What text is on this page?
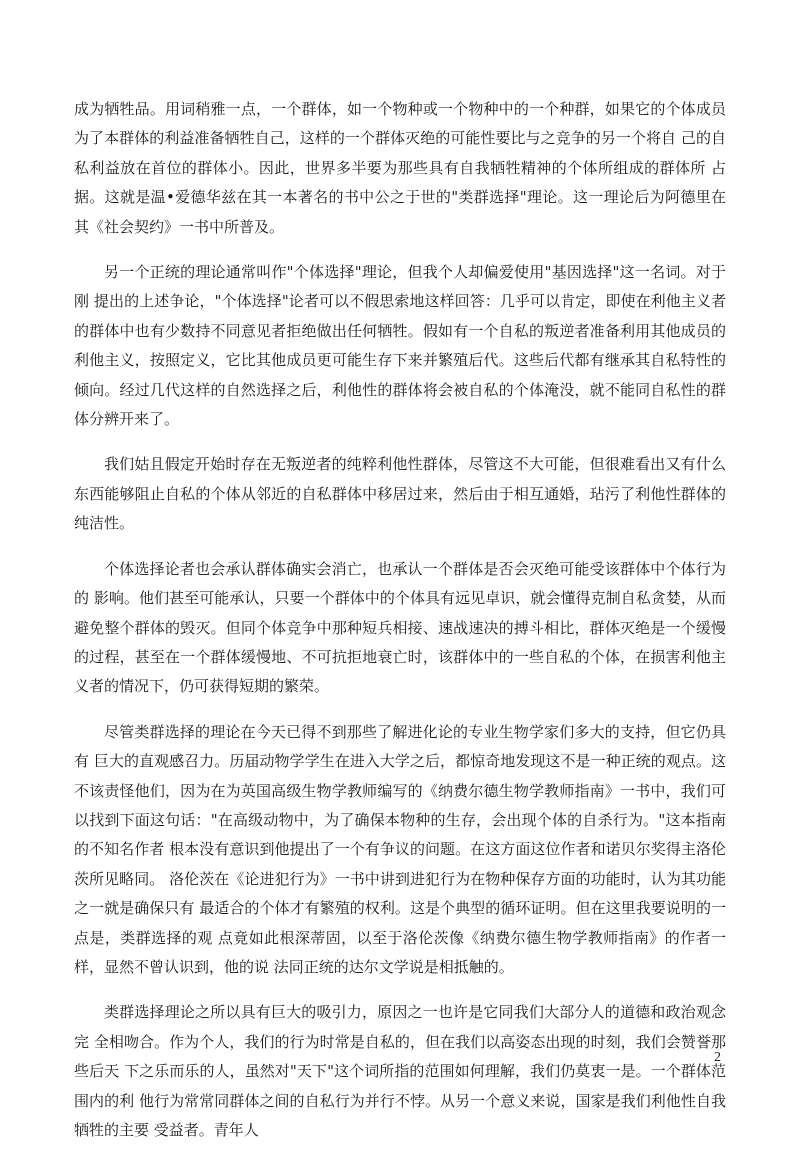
成为牺牲品。用词稍雅一点，一个群体，如一个物种或一个物种中的一个种群，如果它的个体成员为了本群体的利益准备牺牲自己，这样的一个群体灭绝的可能性要比与之竞争的另一个将自 己的自私利益放在首位的群体小。因此，世界多半要为那些具有自我牺牲精神的个体所组成的群体所 占据。这就是温•爱德华兹在其一本著名的书中公之于世的"类群选择"理论。这一理论后为阿德里在其《社会契约》一书中所普及。

另一个正统的理论通常叫作"个体选择"理论，但我个人却偏爱使用"基因选择"这一名词。对于刚 提出的上述争论，"个体选择"论者可以不假思索地这样回答：几乎可以肯定，即使在利他主义者的群体中也有少数持不同意见者拒绝做出任何牺牲。假如有一个自私的叛逆者准备利用其他成员的利他主义，按照定义，它比其他成员更可能生存下来并繁殖后代。这些后代都有继承其自私特性的倾向。经过几代这样的自然选择之后，利他性的群体将会被自私的个体淹没，就不能同自私性的群体分辨开来了。

我们姑且假定开始时存在无叛逆者的纯粹利他性群体，尽管这不大可能，但很难看出又有什么东西能够阻止自私的个体从邻近的自私群体中移居过来，然后由于相互通婚，玷污了利他性群体的纯洁性。

个体选择论者也会承认群体确实会消亡，也承认一个群体是否会灭绝可能受该群体中个体行为的 影响。他们甚至可能承认，只要一个群体中的个体具有远见卓识，就会懂得克制自私贪婪，从而避免整个群体的毁灭。但同个体竞争中那种短兵相接、速战速决的搏斗相比，群体灭绝是一个缓慢的过程，甚至在一个群体缓慢地、不可抗拒地衰亡时，该群体中的一些自私的个体，在损害利他主义者的情况下，仍可获得短期的繁荣。

尽管类群选择的理论在今天已得不到那些了解进化论的专业生物学家们多大的支持，但它仍具有 巨大的直观感召力。历届动物学学生在进入大学之后，都惊奇地发现这不是一种正统的观点。这不该责怪他们，因为在为英国高级生物学教师编写的《纳费尔德生物学教师指南》一书中，我们可以找到下面这句话："在高级动物中，为了确保本物种的生存，会出现个体的自杀行为。"这本指南的不知名作者 根本没有意识到他提出了一个有争议的问题。在这方面这位作者和诺贝尔奖得主洛伦茨所见略同。 洛伦茨在《论进犯行为》一书中讲到进犯行为在物种保存方面的功能时，认为其功能之一就是确保只有 最适合的个体才有繁殖的权利。这是个典型的循环证明。但在这里我要说明的一点是，类群选择的观 点竟如此根深蒂固，以至于洛伦茨像《纳费尔德生物学教师指南》的作者一样，显然不曾认识到，他的说 法同正统的达尔文学说是相抵触的。

类群选择理论之所以具有巨大的吸引力，原因之一也许是它同我们大部分人的道德和政治观念完 全相吻合。作为个人，我们的行为时常是自私的，但在我们以高姿态出现的时刻，我们会赞誉那些后天 下之乐而乐的人，虽然对"天下"这个词所指的范围如何理解，我们仍莫衷一是。一个群体范围内的利 他行为常常同群体之间的自私行为并行不悖。从另一个意义来说，国家是我们利他性自我牺牲的主要 受益者。青年人

2
